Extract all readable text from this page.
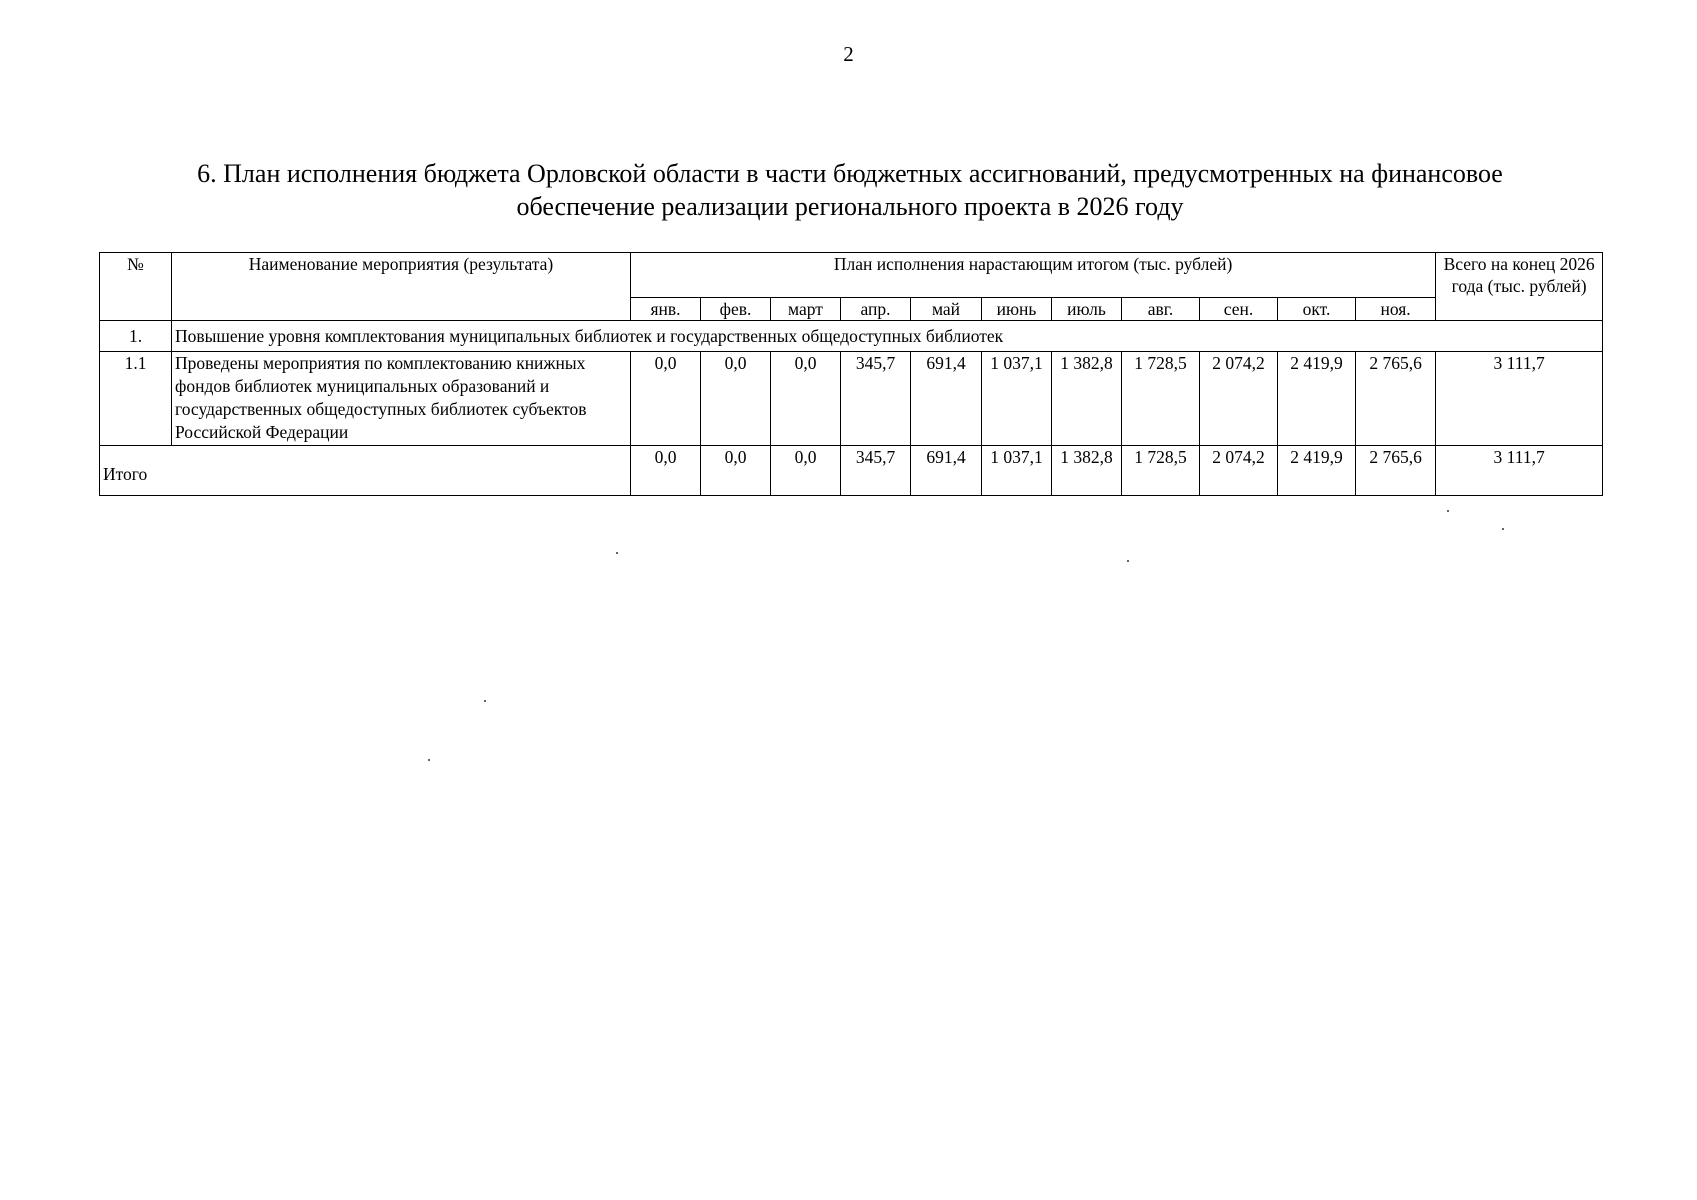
2
6. План исполнения бюджета Орловской области в части бюджетных ассигнований, предусмотренных на финансовое
обеспечение реализации регионального проекта в 2026 году
№	Наименование мероприятия (результата)	План исполнения нарастающим итогом (тыс. рублей)											Всего на конец 2026 года (тыс. рублей)
		янв.	фев.	март	апр.	май	июнь	июль	авг.	сен.	окт.	ноя.	
1.	Повышение уровня комплектования муниципальных библиотек и государственных общедоступных библиотек												
1.1	Проведены мероприятия по комплектованию книжных фондов библиотек муниципальных образований и государственных общедоступных библиотек субъектов Российской Федерации	0,0	0,0	0,0	345,7	691,4	1 037,1	1 382,8	1 728,5	2 074,2	2 419,9	2 765,6	3 111,7
Итого		0,0	0,0	0,0	345,7	691,4	1 037,1	1 382,8	1 728,5	2 074,2	2 419,9	2 765,6	3 111,7
